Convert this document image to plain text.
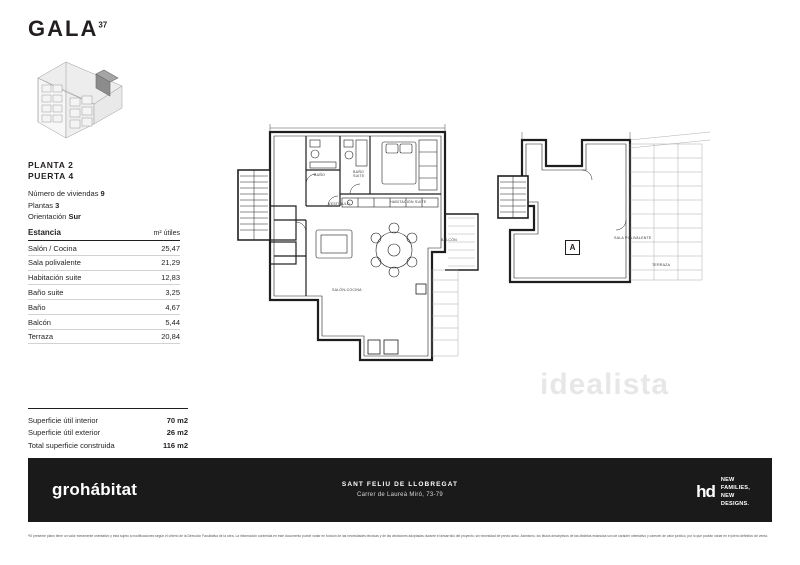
GALA$^{37}$
PLANTA 2
PUERTA 4
Número de viviendas 9
Plantas 3
Orientación Sur
Estancia	m² útiles
Salón / Cocina	25,47
Sala polivalente	21,29
Habitación suite	12,83
Baño suite	3,25
Baño	4,67
Balcón	5,44
Terraza	20,84
Superficie útil interior	70 m2
Superficie útil exterior	26 m2
Total superficie construida	116 m2
A
idealista
BAÑO
BAÑO
SUITE
HABITACIÓN SUITE
VESTÍBULO
SALÓN-COCINA
BALCÓN	SALA POLIVALENTE
TERRAZA
grohábitat	SANT FELIU DE LLOBREGAT
Carrer de Laureà Miró, 73-79	hd
NEW
FAMILIES,
NEW
DESIGNS.
*El presente plano tiene un valor meramente orientativo y está sujeto a modificaciones según el criterio de la Dirección Facultativa de la obra. La información contenida en este documento puede variar en función de las necesidades técnicas y de las decisiones adoptadas durante el desarrollo del proyecto, sin necesidad de previo aviso. Asimismo, los títulos descriptivos de las distintas estancias son de carácter orientativo y carecen de valor jurídico, por lo que podrán variar en el pleno definitivo de venta.
